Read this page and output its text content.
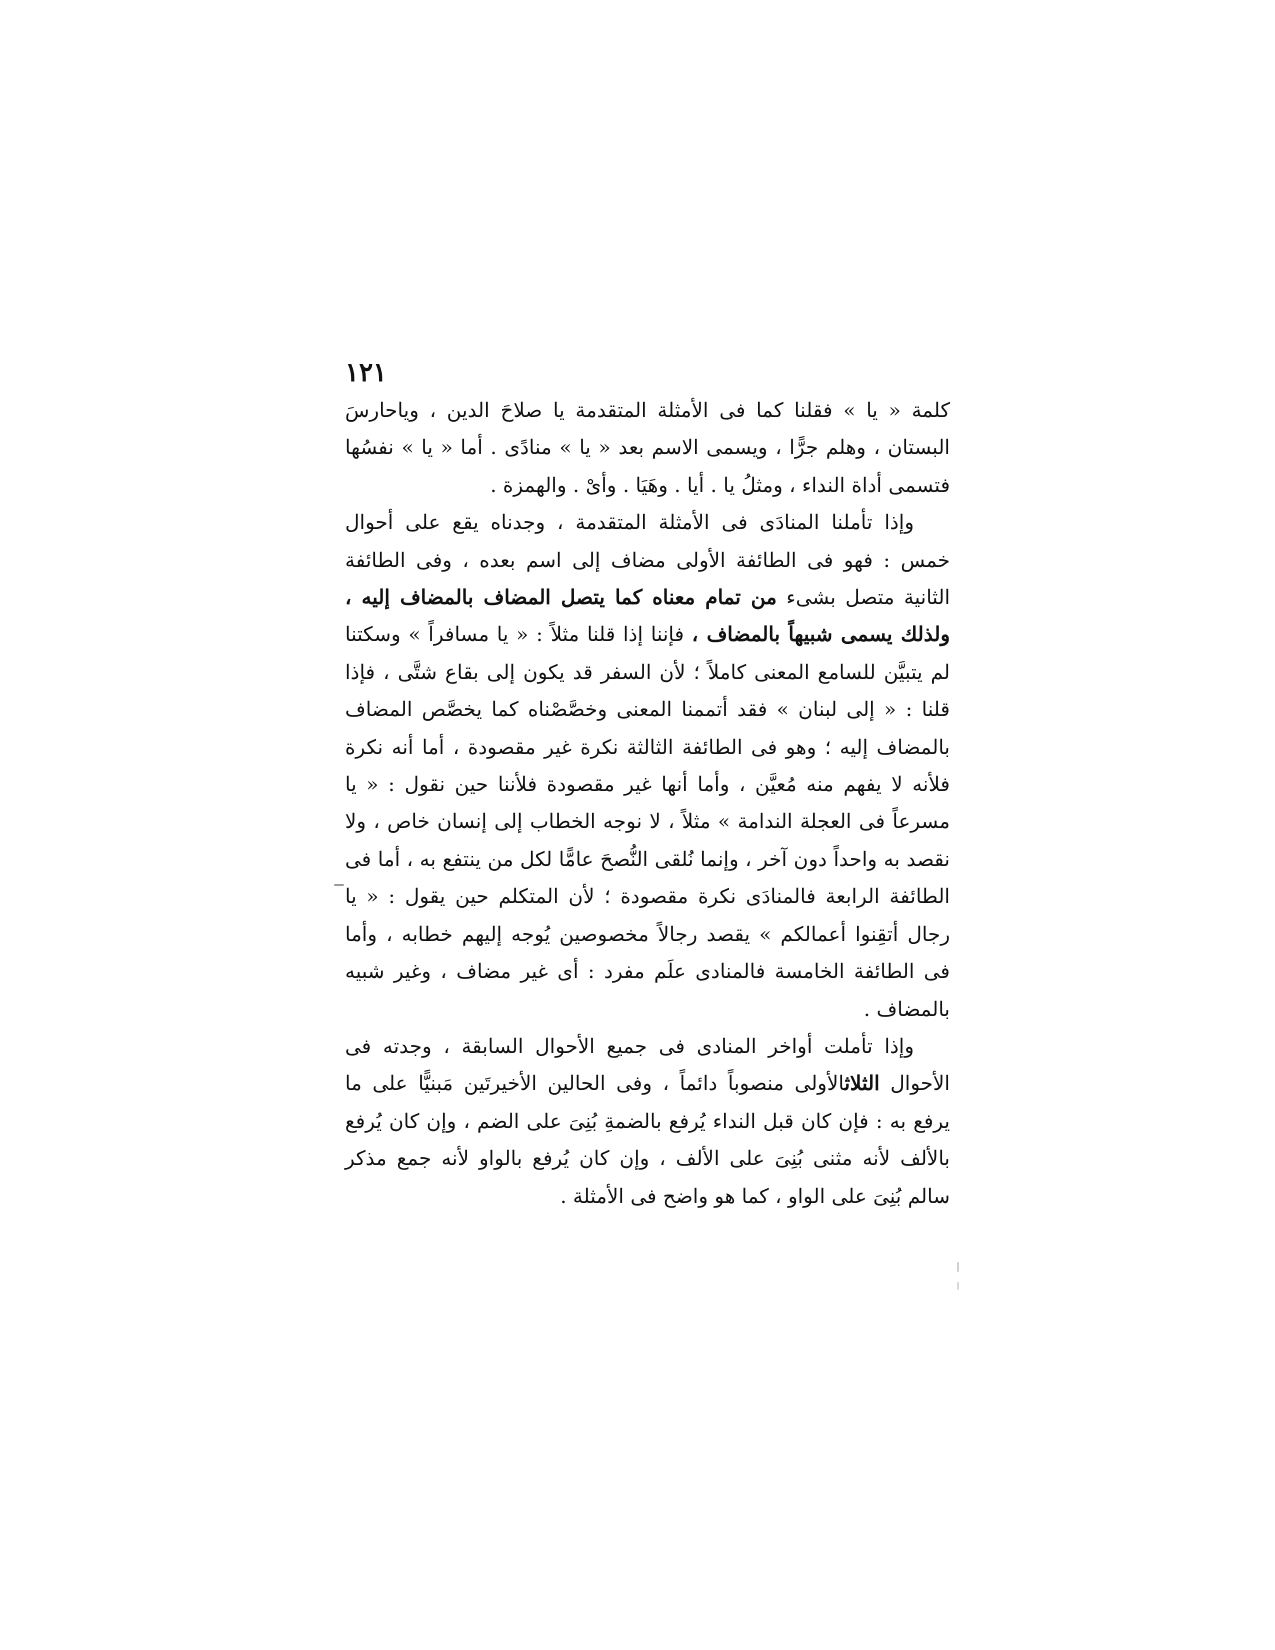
١٢١

كلمة « يا » فقلنا كما فى الأمثلة المتقدمة يا صلاحَ الدين ، وياحارسَ البستان ، وهلم جرًّا ، ويسمى الاسم بعد « يا » منادًى . أما « يا » نفسُها فتسمى أداة النداء ، ومثلُ يا . أيا . وهَيَا . وأىْ . والهمزة .

وإذا تأملنا المنادَى فى الأمثلة المتقدمة ، وجدناه يقع على أحوال خمس : فهو فى الطائفة الأولى مضاف إلى اسم بعده ، وفى الطائفة الثانية متصل بشىء من تمام معناه كما يتصل المضاف بالمضاف إليه ، ولذلك يسمى شبيهاً بالمضاف ، فإننا إذا قلنا مثلاً : « يا مسافراً » وسكتنا لم يتبيَّن للسامع المعنى كاملاً ؛ لأن السفر قد يكون إلى بقاع شتَّى ، فإذا قلنا : « إلى لبنان » فقد أتممنا المعنى وخصَّصْناه كما يخصَّص المضاف بالمضاف إليه ؛ وهو فى الطائفة الثالثة نكرة غير مقصودة ، أما أنه نكرة فلأنه لا يفهم منه مُعيَّن ، وأما أنها غير مقصودة فلأننا حين نقول : « يا مسرعاً فى العجلة الندامة » مثلاً ، لا نوجه الخطاب إلى إنسان خاص ، ولا نقصد به واحداً دون آخر ، وإنما نُلقى النُّصحَ عامًّا لكل من ينتفع به ، أما فى الطائفة الرابعة فالمنادَى نكرة مقصودة ؛ لأن المتكلم حين يقول : « يا رجال أتقِنوا أعمالكم » يقصد رجالاً مخصوصين يُوجه إليهم خطابه ، وأما فى الطائفة الخامسة فالمنادى علَم مفرد : أى غير مضاف ، وغير شبيه بالمضاف .

وإذا تأملت أواخر المنادى فى جميع الأحوال السابقة ، وجدته فى الأحوال الثلاثالأولى منصوباً دائماً ، وفى الحالين الأخيرتَين مَبنيًّا على ما يرفع به : فإن كان قبل النداء يُرفع بالضمةِ بُنِىَ على الضم ، وإن كان يُرفع بالألف لأنه مثنى بُنِىَ على الألف ، وإن كان يُرفع بالواو لأنه جمع مذكر سالم بُنِىَ على الواو ، كما هو واضح فى الأمثلة .
